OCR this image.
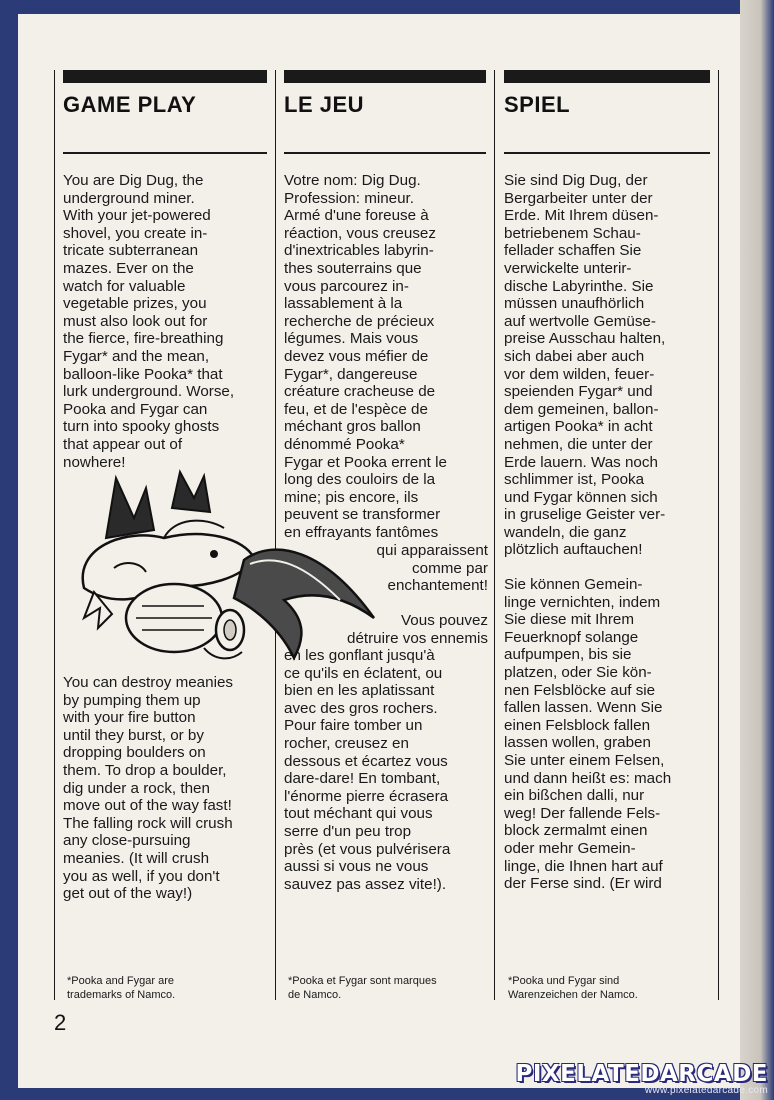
GAME PLAY

You are Dig Dug, the
underground miner.
With your jet-powered
shovel, you create in-
tricate subterranean
mazes. Ever on the
watch for valuable
vegetable prizes, you
must also look out for
the fierce, fire-breathing
Fygar* and the mean,
balloon-like Pooka* that
lurk underground. Worse,
Pooka and Fygar can
turn into spooky ghosts
that appear out of
nowhere!

You can destroy meanies
by pumping them up
with your fire button
until they burst, or by
dropping boulders on
them. To drop a boulder,
dig under a rock, then
move out of the way fast!
The falling rock will crush
any close-pursuing
meanies. (It will crush
you as well, if you don't
get out of the way!)

*Pooka and Fygar are
trademarks of Namco.
LE JEU

Votre nom: Dig Dug.
Profession: mineur.
Armé d'une foreuse à
réaction, vous creusez
d'inextricables labyrin-
thes souterrains que
vous parcourez in-
lassablement à la
recherche de précieux
légumes. Mais vous
devez vous méfier de
Fygar*, dangereuse
créature cracheuse de
feu, et de l'espèce de
méchant gros ballon
dénommé Pooka*
Fygar et Pooka errent le
long des couloirs de la
mine; pis encore, ils
peuvent se transformer
en effrayants fantômes

qui apparaissent
comme par
enchantement!

Vous pouvez
détruire vos ennemis

les gonflant jusqu'à
ce qu'ils en éclatent, ou
bien en les aplatissant
avec des gros rochers.
Pour faire tomber un
rocher, creusez en
dessous et écartez vous
dare-dare! En tombant,
l'énorme pierre écrasera
tout méchant qui vous
serre d'un peu trop
près (et vous pulvérisera
aussi si vous ne vous
sauvez pas assez vite!).

*Pooka et Fygar sont marques
de Namco.
SPIEL

Sie sind Dig Dug, der
Bergarbeiter unter der
Erde. Mit Ihrem düsen-
betriebenem Schau-
fellader schaffen Sie
verwickelte unterir-
dische Labyrinthe. Sie
müssen unaufhörlich
auf wertvolle Gemüse-
preise Ausschau halten,
sich dabei aber auch
vor dem wilden, feuer-
speienden Fygar* und
dem gemeinen, ballon-
artigen Pooka* in acht
nehmen, die unter der
Erde lauern. Was noch
schlimmer ist, Pooka
und Fygar können sich
in gruselige Geister ver-
wandeln, die ganz
plötzlich auftauchen!

Sie können Gemein-
linge vernichten, indem
Sie diese mit Ihrem
Feuerknopf solange
aufpumpen, bis sie
platzen, oder Sie kön-
nen Felsblöcke auf sie
fallen lassen. Wenn Sie
einen Felsblock fallen
lassen wollen, graben
Sie unter einem Felsen,
und dann heißt es: mach
ein bißchen dalli, nur
weg! Der fallende Fels-
block zermalmt einen
oder mehr Gemein-
linge, die Ihnen hart auf
der Ferse sind. (Er wird

*Pooka und Fygar sind
Warenzeichen der Namco.
2
PIXELATEDARCADE
www.pixelatedarcade.com
